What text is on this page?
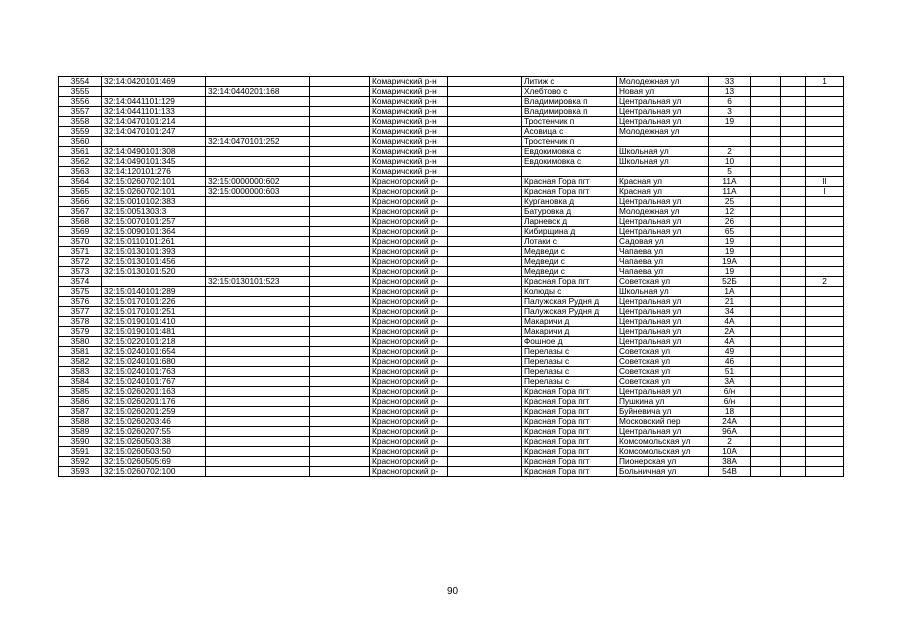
3554	32:14:0420101:469			Комаричский р-н		Литиж с	Молодежная ул	33			1
3555		32:14:0440201:168		Комаричский р-н		Хлебтово с	Новая ул	13			
3556	32:14:0441101:129			Комаричский р-н		Владимировка п	Центральная ул	6			
3557	32:14:0441101:133			Комаричский р-н		Владимировка п	Центральная ул	3			
3558	32:14:0470101:214			Комаричский р-н		Тростенчик п	Центральная ул	19			
3559	32:14:0470101:247			Комаричский р-н		Асовица с	Молодежная ул				
3560		32:14:0470101:252		Комаричский р-н		Тростенчик п					
3561	32:14:0490101:308			Комаричский р-н		Евдокимовка с	Школьная ул	2			
3562	32:14:0490101:345			Комаричский р-н		Евдокимовка с	Школьная ул	10			
3563	32:14:120101:276			Комаричский р-н				5			
3564	32:15:0260702:101	32:15:0000000:602		Красногорский р-		Красная Гора пгт	Красная ул	11А			II
3565	32:15:0260702:101	32:15:0000000:603		Красногорский р-		Красная Гора пгт	Красная ул	11А			I
3566	32:15:0010102:383			Красногорский р-		Кургановка д	Центральная ул	25			
3567	32:15:0051303:3			Красногорский р-		Батуровка д	Молодежная ул	12			
3568	32:15:0070101:257			Красногорский р-		Ларневск д	Центральная ул	26			
3569	32:15:0090101:364			Красногорский р-		Кибирщина д	Центральная ул	65			
3570	32:15:0110101:261			Красногорский р-		Лотаки с	Садовая ул	19			
3571	32:15:0130101:393			Красногорский р-		Медведи с	Чапаева ул	19			
3572	32:15:0130101:456			Красногорский р-		Медведи с	Чапаева ул	19А			
3573	32:15:0130101:520			Красногорский р-		Медведи с	Чапаева ул	19			
3574		32:15:0130101:523		Красногорский р-		Красная Гора пгт	Советская ул	52Б			2
3575	32:15:0140101:289			Красногорский р-		Колюды с	Школьная ул	1А			
3576	32:15:0170101:226			Красногорский р-		Палужская Рудня д	Центральная ул	21			
3577	32:15:0170101:251			Красногорский р-		Палужская Рудня д	Центральная ул	34			
3578	32:15:0190101:410			Красногорский р-		Макаричи д	Центральная ул	4А			
3579	32:15:0190101:481			Красногорский р-		Макаричи д	Центральная ул	2А			
3580	32:15:0220101:218			Красногорский р-		Фошное д	Центральная ул	4А			
3581	32:15:0240101:654			Красногорский р-		Перелазы с	Советская ул	49			
3582	32:15:0240101:680			Красногорский р-		Перелазы с	Советская ул	46			
3583	32:15:0240101:763			Красногорский р-		Перелазы с	Советская ул	51			
3584	32:15:0240101:767			Красногорский р-		Перелазы с	Советская ул	3А			
3585	32:15:0260201:163			Красногорский р-		Красная Гора пгт	Центральная ул	6/н			
3586	32:15:0260201:176			Красногорский р-		Красная Гора пгт	Пушкина ул	6/н			
3587	32:15:0260201:259			Красногорский р-		Красная Гора пгт	Буйневича ул	18			
3588	32:15:0260203:46			Красногорский р-		Красная Гора пгт	Московский пер	24А			
3589	32:15:0260207:55			Красногорский р-		Красная Гора пгт	Центральная ул	96А			
3590	32:15:0260503:38			Красногорский р-		Красная Гора пгт	Комсомольская ул	2			
3591	32:15:0260503:50			Красногорский р-		Красная Гора пгт	Комсомольская ул	10А			
3592	32:15:0260505:69			Красногорский р-		Красная Гора пгт	Пионерская ул	38А			
3593	32:15:0260702:100			Красногорский р-		Красная Гора пгт	Больничная ул	54В			
90
